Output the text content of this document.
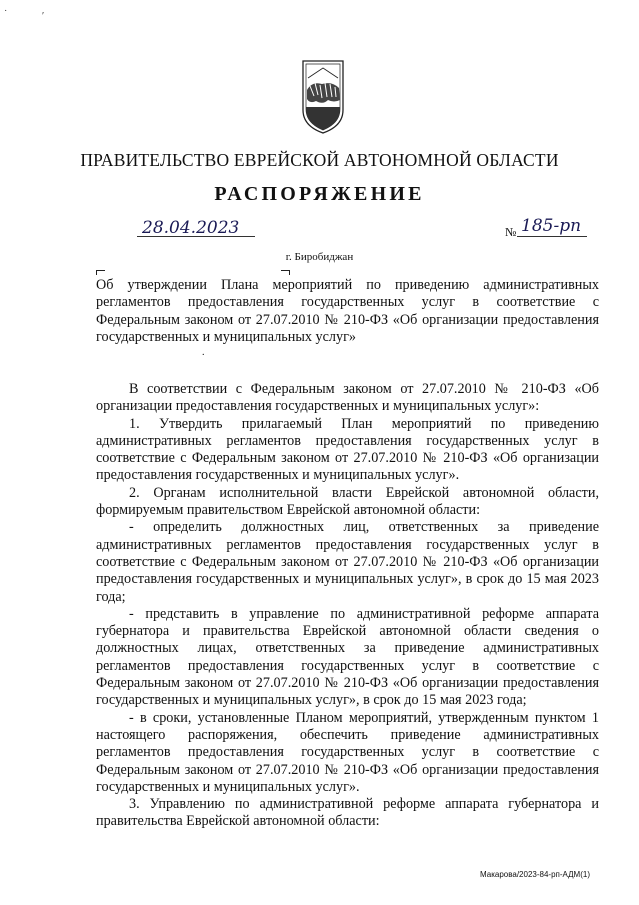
˙	′
ПРАВИТЕЛЬСТВО ЕВРЕЙСКОЙ АВТОНОМНОЙ ОБЛАСТИ
РАСПОРЯЖЕНИЕ
28.04.2023	№ 185-рп
г. Биробиджан
Об утверждении Плана мероприятий по приведению административных регламентов предоставления государственных услуг в соответствие с Федеральным законом от 27.07.2010 № 210-ФЗ «Об организации предоставления государственных и муниципальных услуг»
.

В соответствии с Федеральным законом от 27.07.2010 № 210-ФЗ «Об организации предоставления государственных и муниципальных услуг»:

1. Утвердить прилагаемый План мероприятий по приведению административных регламентов предоставления государственных услуг в соответствие с Федеральным законом от 27.07.2010 № 210-ФЗ «Об организации предоставления государственных и муниципальных услуг».

2. Органам исполнительной власти Еврейской автономной области, формируемым правительством Еврейской автономной области:

- определить должностных лиц, ответственных за приведение административных регламентов предоставления государственных услуг в соответствие с Федеральным законом от 27.07.2010 № 210-ФЗ «Об организации предоставления государственных и муниципальных услуг», в срок до 15 мая 2023 года;

- представить в управление по административной реформе аппарата губернатора и правительства Еврейской автономной области сведения о должностных лицах, ответственных за приведение административных регламентов предоставления государственных услуг в соответствие с Федеральным законом от 27.07.2010 № 210-ФЗ «Об организации предоставления государственных и муниципальных услуг», в срок до 15 мая 2023 года;

- в сроки, установленные Планом мероприятий, утвержденным пунктом 1 настоящего распоряжения, обеспечить приведение административных регламентов предоставления государственных услуг в соответствие с Федеральным законом от 27.07.2010 № 210-ФЗ «Об организации предоставления государственных и муниципальных услуг».

3. Управлению по административной реформе аппарата губернатора и правительства Еврейской автономной области:

Макарова/2023-84-рп-АДМ(1)
